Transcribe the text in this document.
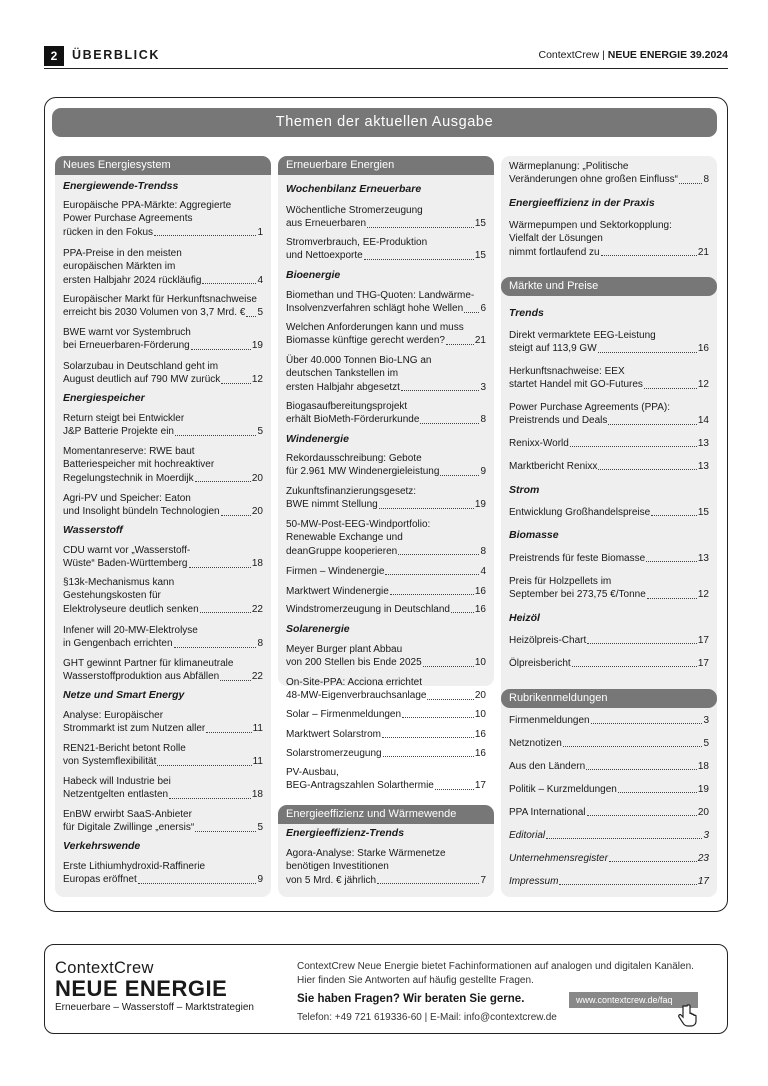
2	ÜBERBLICK	ContextCrew | NEUE ENERGIE 39.2024
Themen der aktuellen Ausgabe
Neues Energiesystem
Energiewende-Trendss
Europäische PPA-Märkte: Aggregierte
Power Purchase Agreements
rücken in den Fokus	1
PPA-Preise in den meisten
europäischen Märkten im
ersten Halbjahr 2024 rückläufig	4
Europäischer Markt für Herkunftsnachweise
erreicht bis 2030 Volumen von 3,7 Mrd. € 5
BWE warnt vor Systembruch
bei Erneuerbaren-Förderung	19
Solarzubau in Deutschland geht im
August deutlich auf 790 MW zurück	12
Energiespeicher
Return steigt bei Entwickler
J&P Batterie Projekte ein	5
Momentanreserve: RWE baut
Batteriespeicher mit hochreaktiver
Regelungstechnik in Moerdijk	20
Agri-PV und Speicher: Eaton
und Insolight bündeln Technologien	20
Wasserstoff
CDU warnt vor „Wasserstoff-
Wüste“ Baden-Württemberg	18
§13k-Mechanismus kann
Gestehungskosten für
Elektrolyseure deutlich senken	22
Infener will 20-MW-Elektrolyse
in Gengenbach errichten	8
GHT gewinnt Partner für klimaneutrale
Wasserstoffproduktion aus Abfällen	22
Netze und Smart Energy
Analyse: Europäischer
Strommarkt ist zum Nutzen aller	11
REN21-Bericht betont Rolle
von Systemflexibilität	11
Habeck will Industrie bei
Netzentgelten entlasten	18
EnBW erwirbt SaaS-Anbieter
für Digitale Zwillinge „enersis“	5
Verkehrswende
Erste Lithiumhydroxid-Raffinerie
Europas eröffnet	9
Erneuerbare Energien
Wochenbilanz Erneuerbare
Wöchentliche Stromerzeugung
aus Erneuerbaren	15
Stromverbrauch, EE-Produktion
und Nettoexporte	15
Bioenergie
Biomethan und THG-Quoten: Landwärme-
Insolvenzverfahren schlägt hohe Wellen 6
Welchen Anforderungen kann und muss
Biomasse künftige gerecht werden?	21
Über 40.000 Tonnen Bio-LNG an
deutschen Tankstellen im
ersten Halbjahr abgesetzt	3
Biogasaufbereitungsprojekt
erhält BioMeth-Förderurkunde	8
Windenergie
Rekordausschreibung: Gebote
für 2.961 MW Windenergieleistung	9
Zukunftsfinanzierungsgesetz:
BWE nimmt Stellung	19
50-MW-Post-EEG-Windportfolio:
Renewable Exchange und
deanGruppe kooperieren	8
Firmen – Windenergie	4
Marktwert Windenergie	16
Windstromerzeugung in Deutschland 16
Solarenergie
Meyer Burger plant Abbau
von 200 Stellen bis Ende 2025	10
On-Site-PPA: Acciona errichtet
48-MW-Eigenverbrauchsanlage	20
Solar – Firmenmeldungen	10
Marktwert Solarstrom	16
Solarstromerzeugung	16
PV-Ausbau,
BEG-Antragszahlen Solarthermie	17
Energieeffizienz und Wärmewende
Energieeffizienz-Trends
Agora-Analyse: Starke Wärmenetze
benötigen Investitionen
von 5 Mrd. € jährlich	7
Wärmeplanung: „Politische
Veränderungen ohne großen Einfluss“	8
Energieeffizienz in der Praxis
Wärmepumpen und Sektorkopplung:
Vielfalt der Lösungen
nimmt fortlaufend zu	21
Märkte und Preise
Trends
Direkt vermarktete EEG-Leistung
steigt auf 113,9 GW	16
Herkunftsnachweise: EEX
startet Handel mit GO-Futures	12
Power Purchase Agreements (PPA):
Preistrends und Deals	14
Renixx-World	13
Marktbericht Renixx	13
Strom
Entwicklung Großhandelspreise	15
Biomasse
Preistrends für feste Biomasse	13
Preis für Holzpellets im
September bei 273,75 €/Tonne	12
Heizöl
Heizölpreis-Chart	17
Ölpreisbericht	17
Rubrikenmeldungen
Firmenmeldungen	3
Netznotizen	5
Aus den Ländern	18
Politik – Kurzmeldungen	19
PPA International	20
Editorial	3
Unternehmensregister	23
Impressum	17
ContextCrew
NEUE ENERGIE
Erneuerbare – Wasserstoff – Marktstrategien
ContextCrew Neue Energie bietet Fachinformationen auf analogen und digitalen Kanälen. Hier finden Sie Antworten auf häufig gestellte Fragen.
Sie haben Fragen? Wir beraten Sie gerne.
Telefon: +49 721 619336-60 | E-Mail: info@contextcrew.de
www.contextcrew.de/faq
